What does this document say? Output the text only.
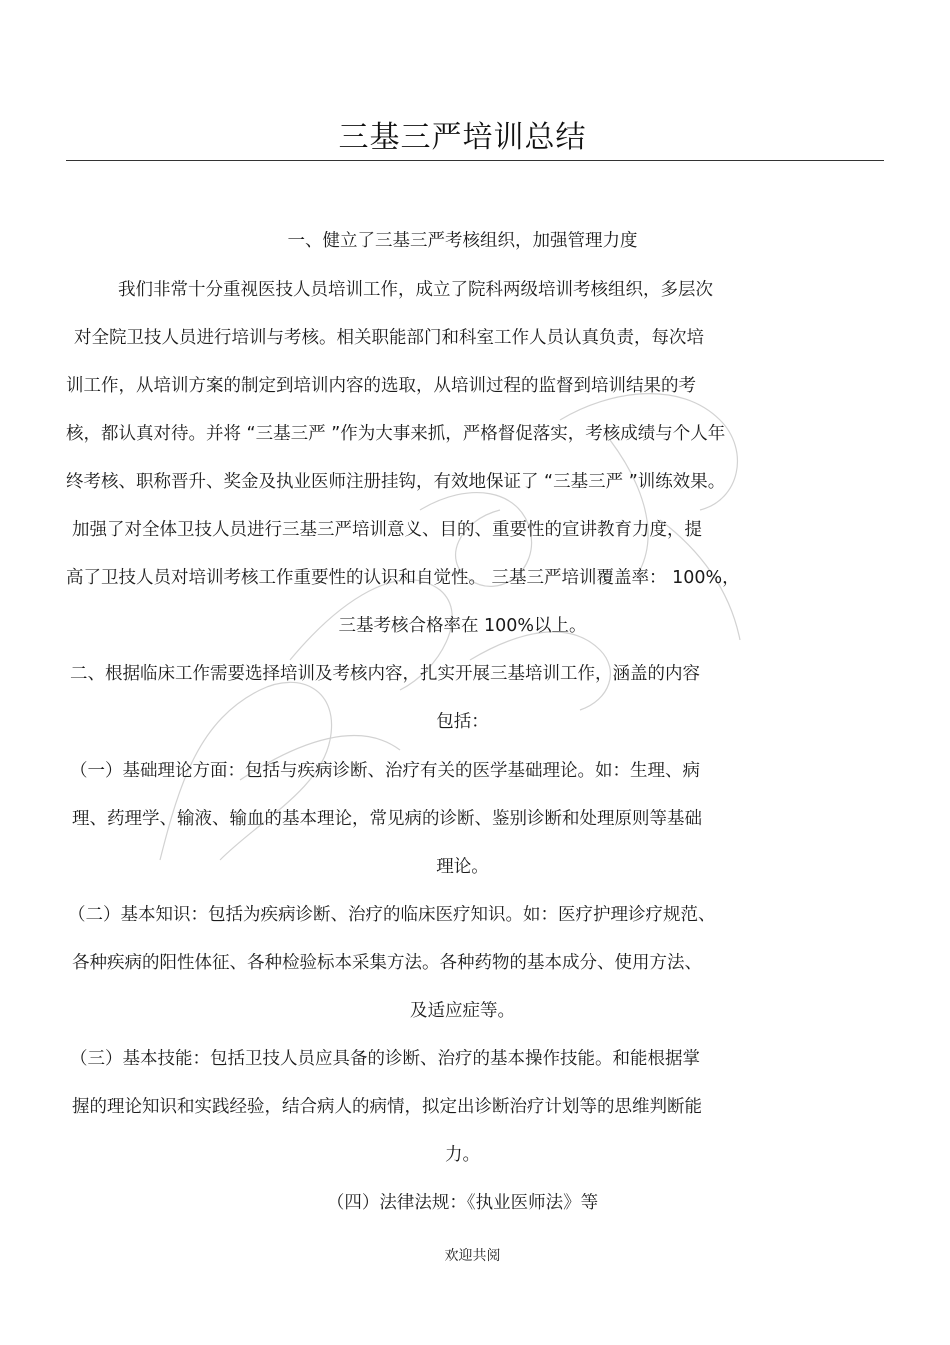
三基三严培训总结
一、健立了三基三严考核组织，加强管理力度
我们非常十分重视医技人员培训工作，成立了院科两级培训考核组织，多层次
对全院卫技人员进行培训与考核。相关职能部门和科室工作人员认真负责，每次培
训工作，从培训方案的制定到培训内容的选取，从培训过程的监督到培训结果的考
核，都认真对待。并将 “三基三严 ”作为大事来抓，严格督促落实，考核成绩与个人年
终考核、职称晋升、奖金及执业医师注册挂钩，有效地保证了 “三基三严 ”训练效果。
加强了对全体卫技人员进行三基三严培训意义、目的、重要性的宣讲教育力度，提
高了卫技人员对培训考核工作重要性的认识和自觉性。 三基三严培训覆盖率： 100%，
三基考核合格率在 100%以上。
二、根据临床工作需要选择培训及考核内容，扎实开展三基培训工作，涵盖的内容
包括：
（一）基础理论方面：包括与疾病诊断、治疗有关的医学基础理论。如：生理、病
理、药理学、输液、输血的基本理论，常见病的诊断、鉴别诊断和处理原则等基础
理论。
（二）基本知识：包括为疾病诊断、治疗的临床医疗知识。如：医疗护理诊疗规范、
各种疾病的阳性体征、各种检验标本采集方法。各种药物的基本成分、使用方法、
及适应症等。
（三）基本技能：包括卫技人员应具备的诊断、治疗的基本操作技能。和能根据掌
握的理论知识和实践经验，结合病人的病情，拟定出诊断治疗计划等的思维判断能
力。
（四）法律法规：《执业医师法》等
欢迎共阅
